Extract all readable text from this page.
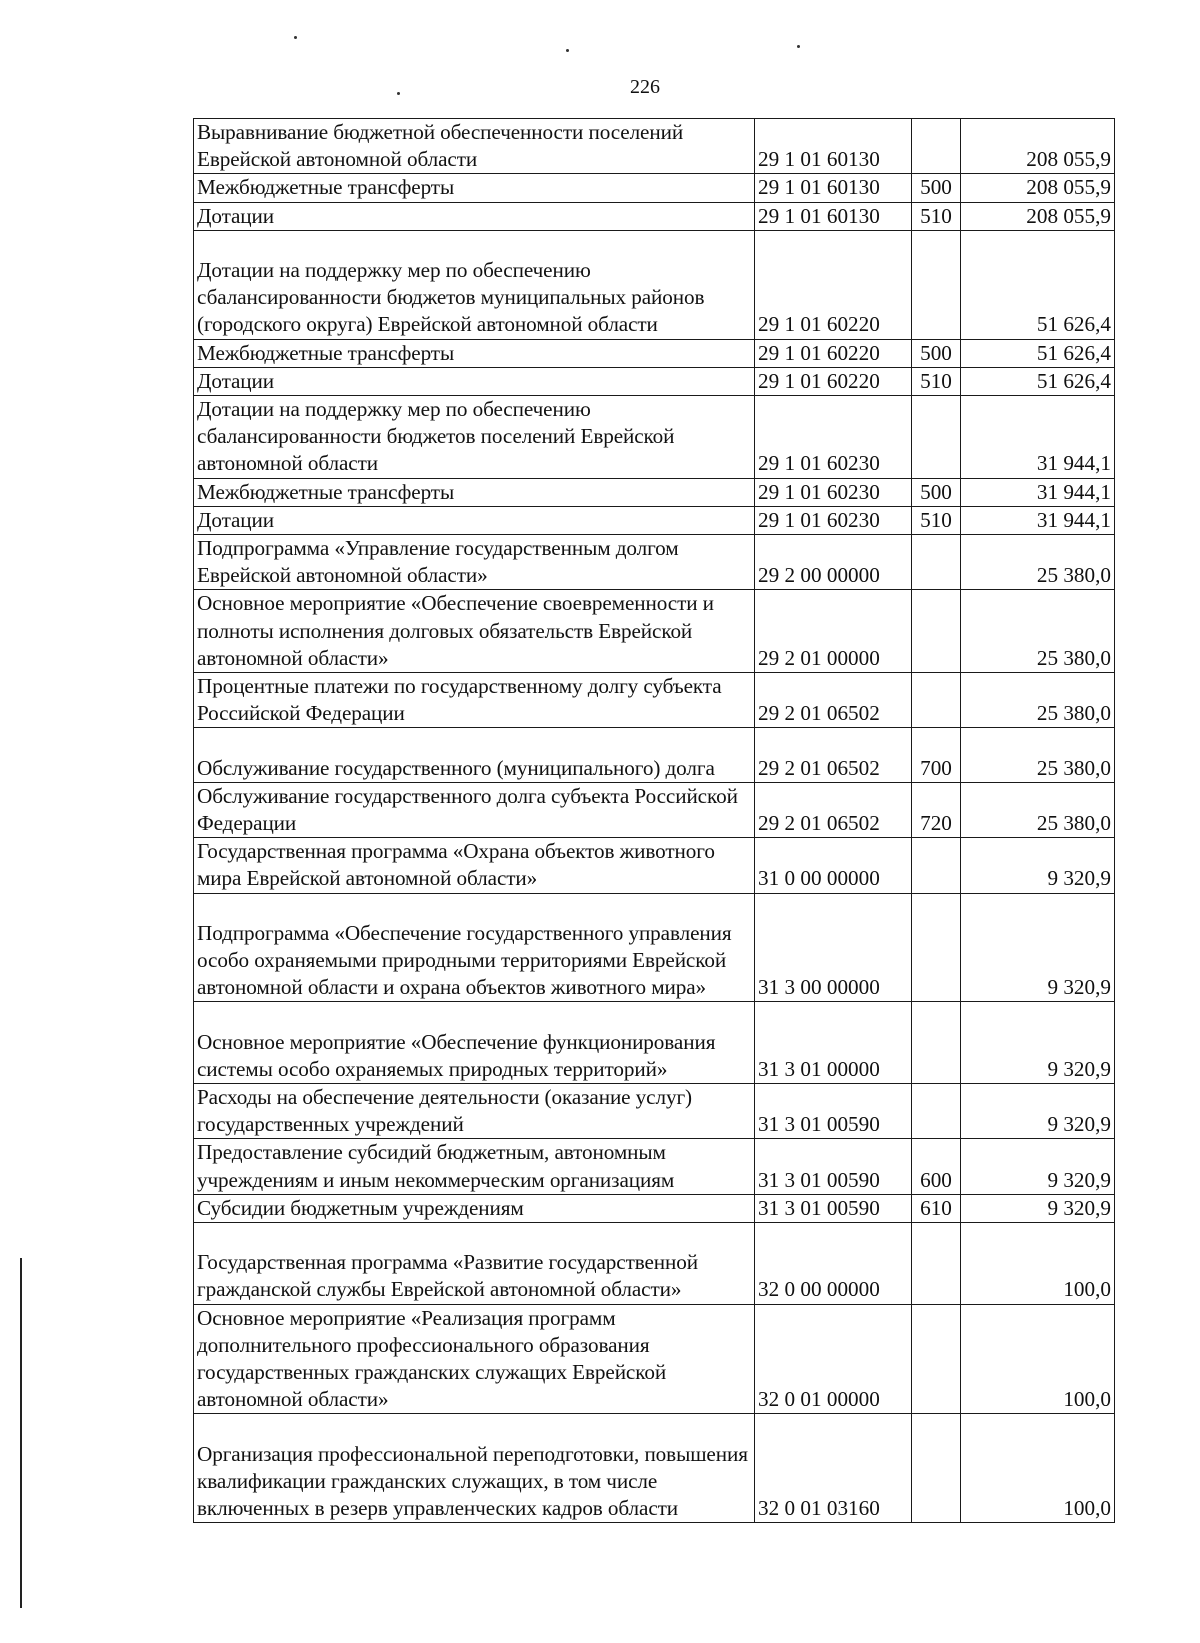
226
Выравнивание бюджетной обеспеченности поселений Еврейской автономной области	29 1 01 60130		208 055,9
Межбюджетные трансферты	29 1 01 60130	500	208 055,9
Дотации	29 1 01 60130	510	208 055,9
Дотации на поддержку мер по обеспечению сбалансированности бюджетов муниципальных районов (городского округа) Еврейской автономной области	29 1 01 60220		51 626,4
Межбюджетные трансферты	29 1 01 60220	500	51 626,4
Дотации	29 1 01 60220	510	51 626,4
Дотации на поддержку мер по обеспечению сбалансированности бюджетов поселений Еврейской автономной области	29 1 01 60230		31 944,1
Межбюджетные трансферты	29 1 01 60230	500	31 944,1
Дотации	29 1 01 60230	510	31 944,1
Подпрограмма «Управление государственным долгом Еврейской автономной области»	29 2 00 00000		25 380,0
Основное мероприятие «Обеспечение своевременности и полноты исполнения долговых обязательств Еврейской автономной области»	29 2 01 00000		25 380,0
Процентные платежи по государственному долгу субъекта Российской Федерации	29 2 01 06502		25 380,0
Обслуживание государственного (муниципального) долга	29 2 01 06502	700	25 380,0
Обслуживание государственного долга субъекта Российской Федерации	29 2 01 06502	720	25 380,0
Государственная программа «Охрана объектов животного мира Еврейской автономной области»	31 0 00 00000		9 320,9
Подпрограмма «Обеспечение государственного управления особо охраняемыми природными территориями Еврейской автономной области и охрана объектов животного мира»	31 3 00 00000		9 320,9
Основное мероприятие «Обеспечение функционирования системы особо охраняемых природных территорий»	31 3 01 00000		9 320,9
Расходы на обеспечение деятельности (оказание услуг) государственных учреждений	31 3 01 00590		9 320,9
Предоставление субсидий бюджетным, автономным учреждениям и иным некоммерческим организациям	31 3 01 00590	600	9 320,9
Субсидии бюджетным учреждениям	31 3 01 00590	610	9 320,9
Государственная программа «Развитие государственной гражданской службы Еврейской автономной области»	32 0 00 00000		100,0
Основное мероприятие «Реализация программ дополнительного профессионального образования государственных гражданских служащих Еврейской автономной области»	32 0 01 00000		100,0
Организация профессиональной переподготовки, повышения квалификации гражданских служащих, в том числе включенных в резерв управленческих кадров области	32 0 01 03160		100,0
